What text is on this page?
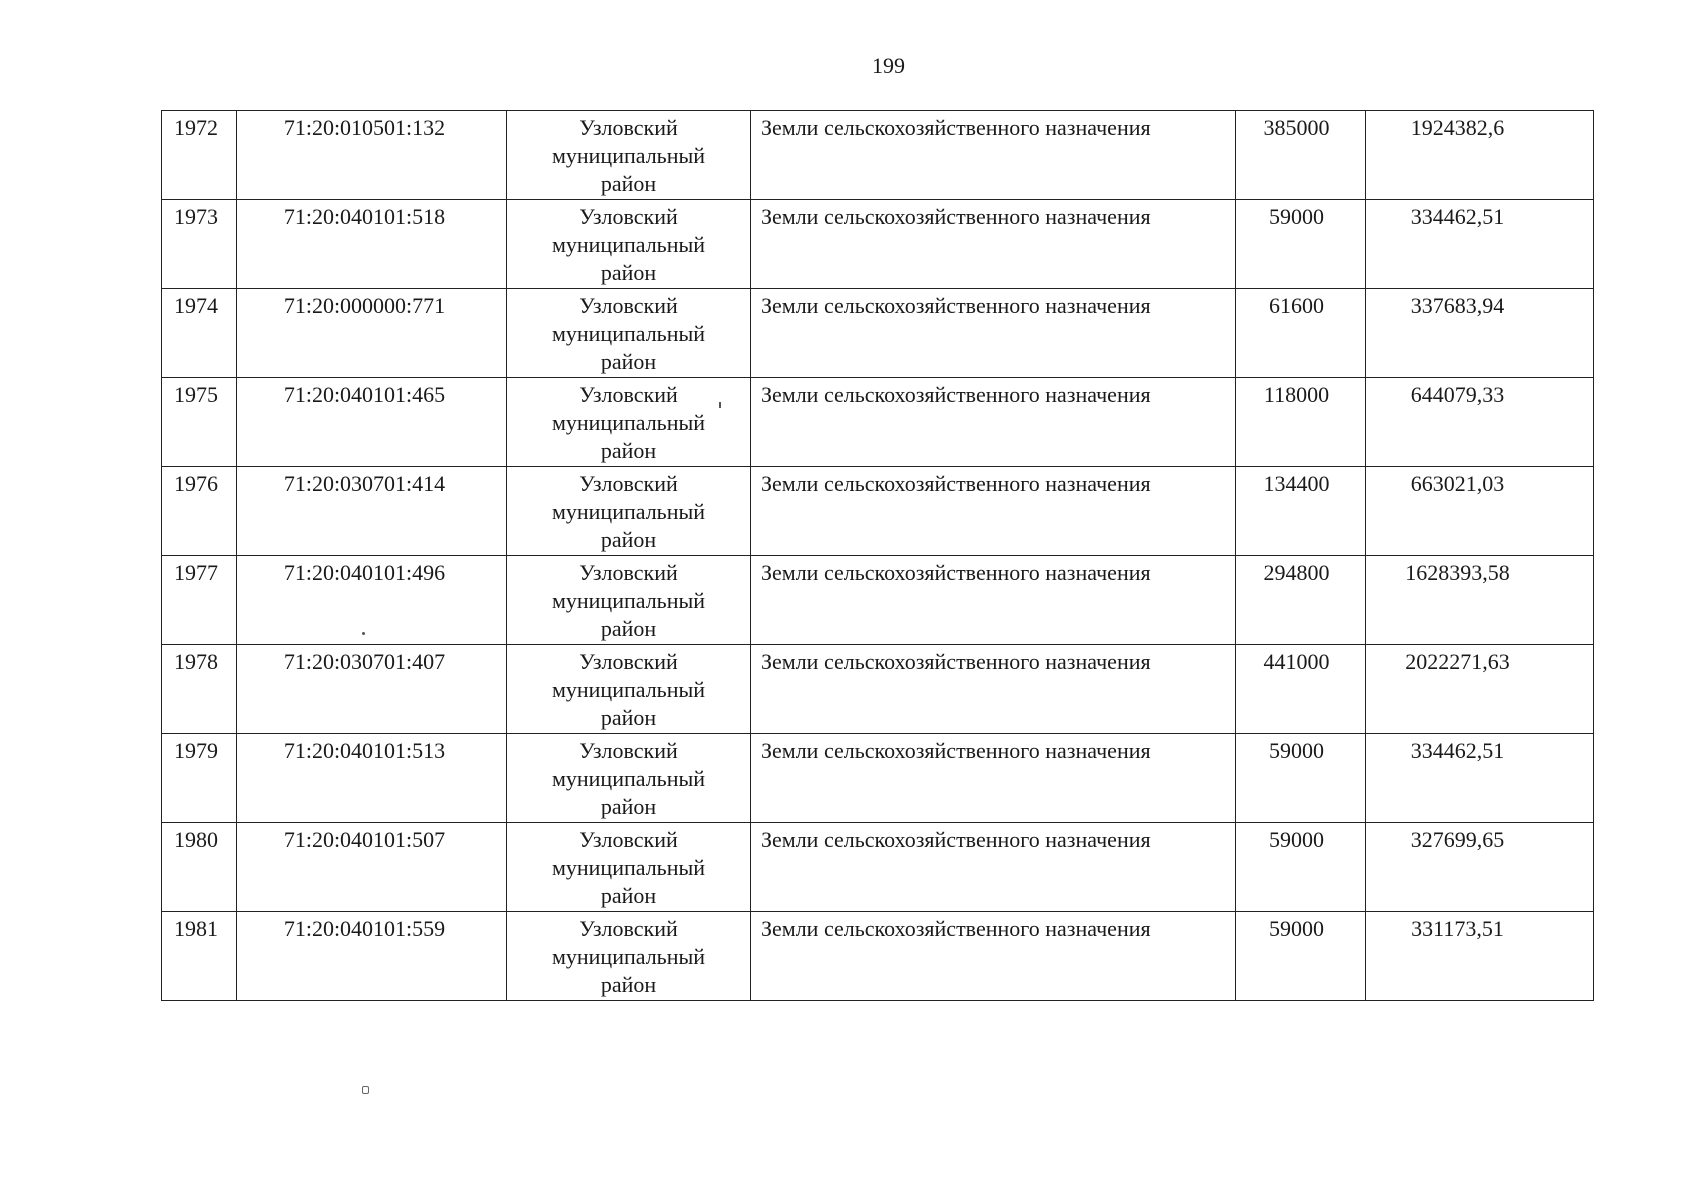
199
1972	71:20:010501:132	Узловский
муниципальный
район	Земли сельскохозяйственного назначения	385000	1924382,6
1973	71:20:040101:518	Узловский
муниципальный
район	Земли сельскохозяйственного назначения	59000	334462,51
1974	71:20:000000:771	Узловский
муниципальный
район	Земли сельскохозяйственного назначения	61600	337683,94
1975	71:20:040101:465	Узловский
муниципальный
район	Земли сельскохозяйственного назначения	118000	644079,33
1976	71:20:030701:414	Узловский
муниципальный
район	Земли сельскохозяйственного назначения	134400	663021,03
1977	71:20:040101:496	Узловский
муниципальный
район	Земли сельскохозяйственного назначения	294800	1628393,58
1978	71:20:030701:407	Узловский
муниципальный
район	Земли сельскохозяйственного назначения	441000	2022271,63
1979	71:20:040101:513	Узловский
муниципальный
район	Земли сельскохозяйственного назначения	59000	334462,51
1980	71:20:040101:507	Узловский
муниципальный
район	Земли сельскохозяйственного назначения	59000	327699,65
1981	71:20:040101:559	Узловский
муниципальный
район	Земли сельскохозяйственного назначения	59000	331173,51
